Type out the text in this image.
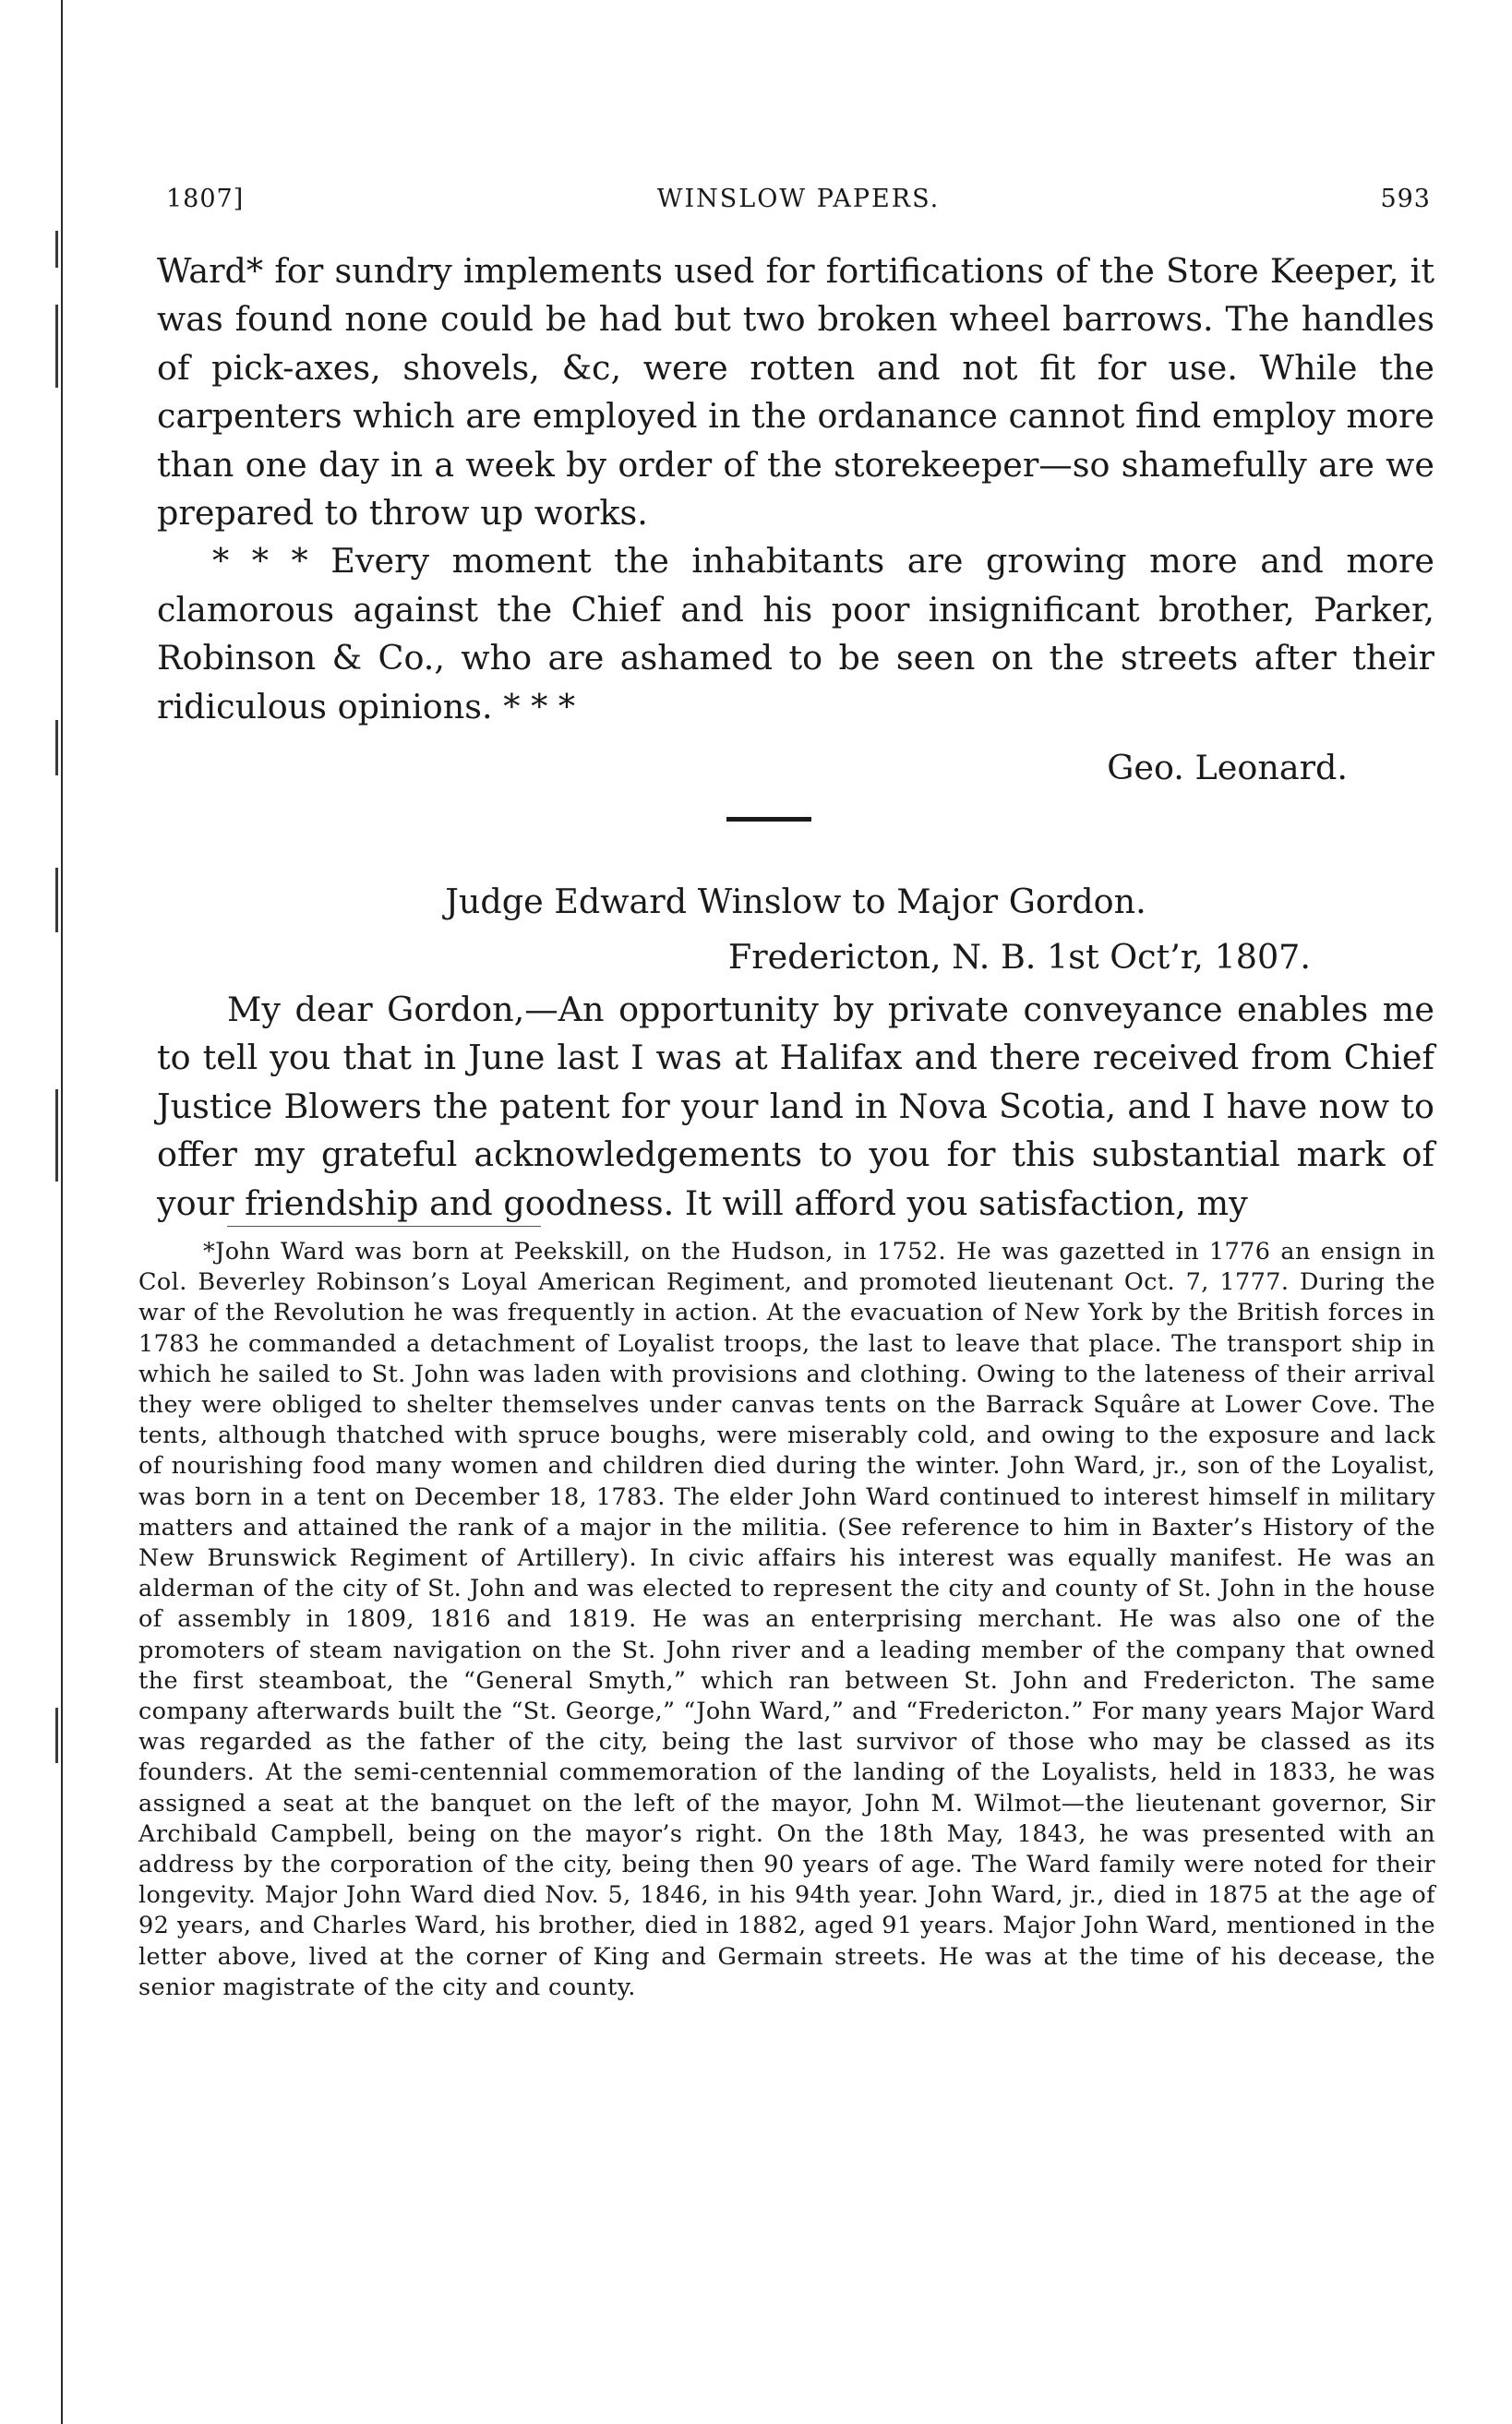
1807]	WINSLOW PAPERS.	593

Ward* for sundry implements used for fortifications of the Store Keeper, it was found none could be had but two broken wheel barrows. The handles of pick-axes, shovels, &c, were rotten and not fit for use. While the carpenters which are employed in the ordanance cannot find employ more than one day in a week by order of the storekeeper—so shamefully are we prepared to throw up works.

* * * Every moment the inhabitants are growing more and more clamorous against the Chief and his poor insignificant brother, Parker, Robinson & Co., who are ashamed to be seen on the streets after their ridiculous opinions. * * *

Geo. Leonard.
Judge Edward Winslow to Major Gordon.
Fredericton, N. B. 1st Oct’r, 1807.

My dear Gordon,—An opportunity by private conveyance enables me to tell you that in June last I was at Halifax and there received from Chief Justice Blowers the patent for your land in Nova Scotia, and I have now to offer my grateful acknowledgements to you for this substantial mark of your friendship and goodness. It will afford you satisfaction, my

*John Ward was born at Peekskill, on the Hudson, in 1752. He was gazetted in 1776 an ensign in Col. Beverley Robinson’s Loyal American Regiment, and promoted lieutenant Oct. 7, 1777. During the war of the Revolution he was frequently in action. At the evacuation of New York by the British forces in 1783 he commanded a detachment of Loyalist troops, the last to leave that place. The transport ship in which he sailed to St. John was laden with provisions and clothing. Owing to the lateness of their arrival they were obliged to shelter themselves under canvas tents on the Barrack Squâre at Lower Cove. The tents, although thatched with spruce boughs, were miserably cold, and owing to the exposure and lack of nourishing food many women and children died during the winter. John Ward, jr., son of the Loyalist, was born in a tent on December 18, 1783. The elder John Ward continued to interest himself in military matters and attained the rank of a major in the militia. (See reference to him in Baxter’s History of the New Brunswick Regiment of Artillery). In civic affairs his interest was equally manifest. He was an alderman of the city of St. John and was elected to represent the city and county of St. John in the house of assembly in 1809, 1816 and 1819. He was an enterprising merchant. He was also one of the promoters of steam navigation on the St. John river and a leading member of the company that owned the first steamboat, the “General Smyth,” which ran between St. John and Fredericton. The same company afterwards built the “St. George,” “John Ward,” and “Fredericton.” For many years Major Ward was regarded as the father of the city, being the last survivor of those who may be classed as its founders. At the semi-centennial commemoration of the landing of the Loyalists, held in 1833, he was assigned a seat at the banquet on the left of the mayor, John M. Wilmot—the lieutenant governor, Sir Archibald Campbell, being on the mayor’s right. On the 18th May, 1843, he was presented with an address by the corporation of the city, being then 90 years of age. The Ward family were noted for their longevity. Major John Ward died Nov. 5, 1846, in his 94th year. John Ward, jr., died in 1875 at the age of 92 years, and Charles Ward, his brother, died in 1882, aged 91 years. Major John Ward, mentioned in the letter above, lived at the corner of King and Germain streets. He was at the time of his decease, the senior magistrate of the city and county.
